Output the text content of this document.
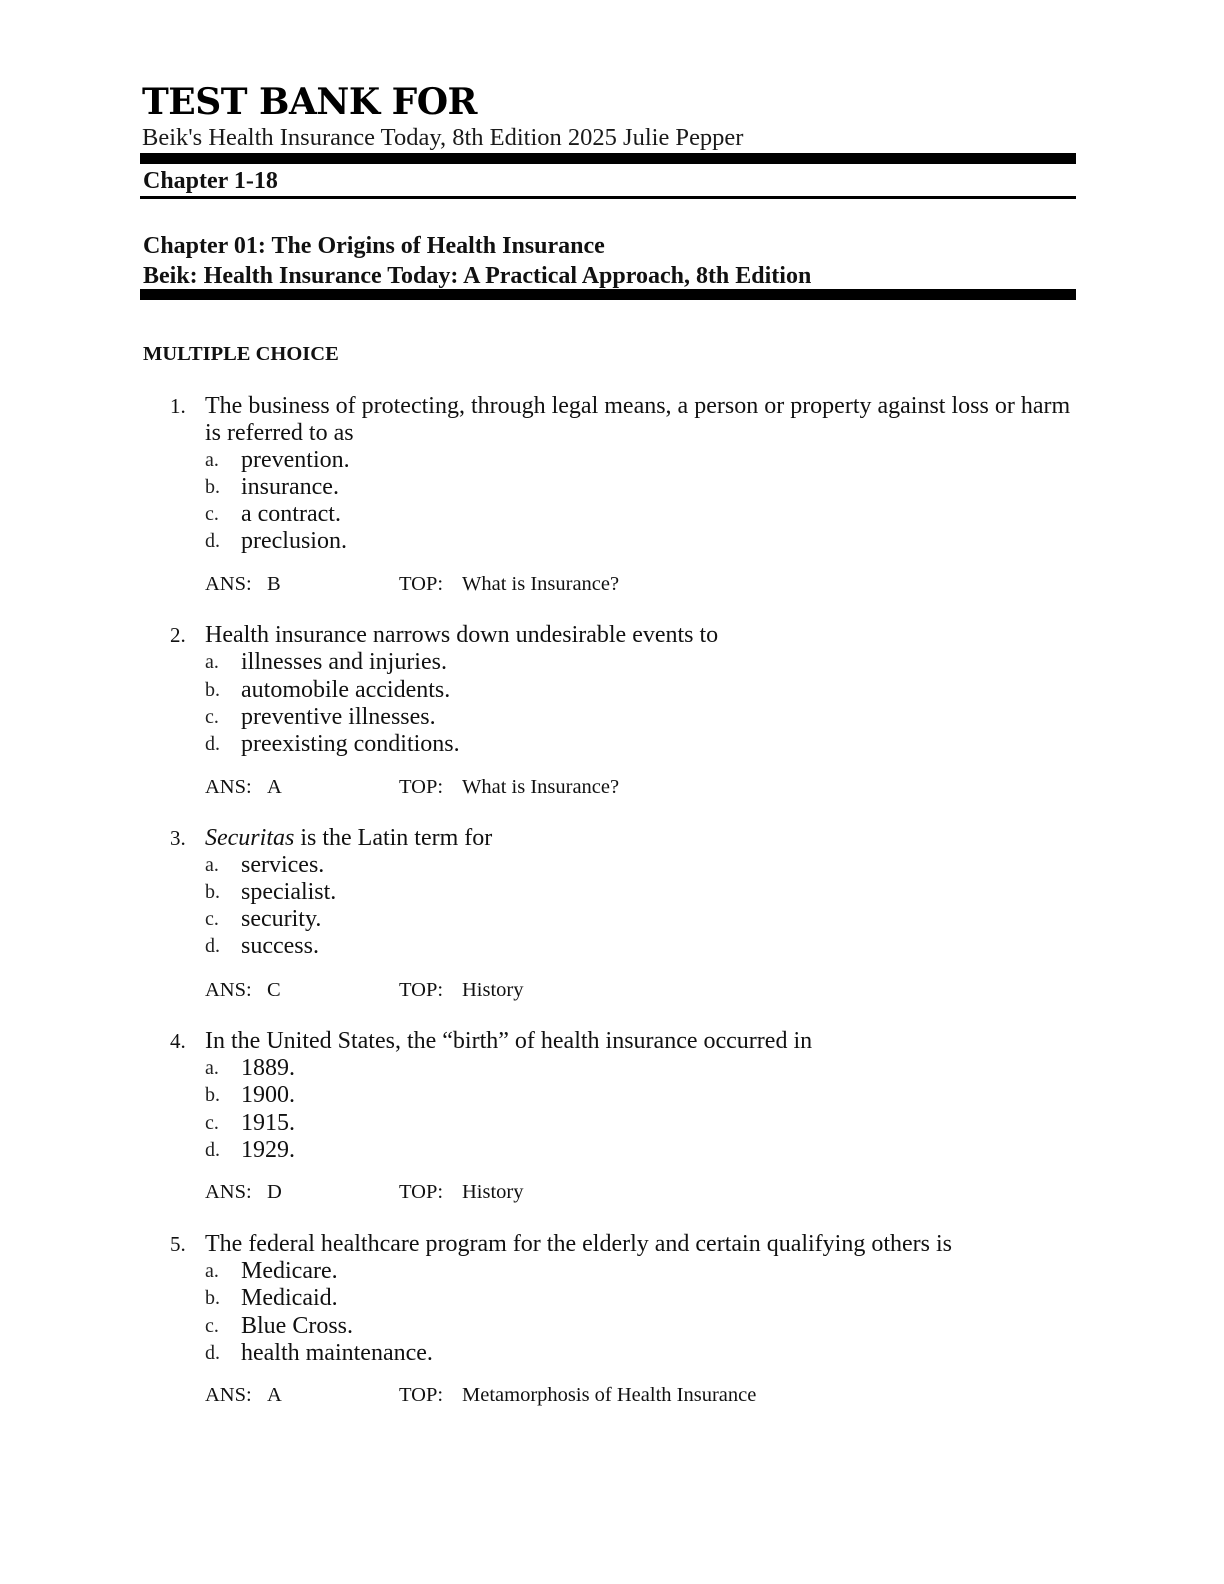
TEST BANK FOR
Beik's Health Insurance Today, 8th Edition 2025 Julie Pepper
Chapter 1-18
Chapter 01: The Origins of Health Insurance
Beik: Health Insurance Today: A Practical Approach, 8th Edition
MULTIPLE CHOICE
1. The business of protecting, through legal means, a person or property against loss or harm
is referred to as
a. prevention.
b. insurance.
c. a contract.
d. preclusion.
ANS: B	TOP: What is Insurance?
2. Health insurance narrows down undesirable events to
a. illnesses and injuries.
b. automobile accidents.
c. preventive illnesses.
d. preexisting conditions.
ANS: A	TOP: What is Insurance?
3. Securitas is the Latin term for
a. services.
b. specialist.
c. security.
d. success.
ANS: C	TOP: History
4. In the United States, the “birth” of health insurance occurred in
a. 1889.
b. 1900.
c. 1915.
d. 1929.
ANS: D	TOP: History
5. The federal healthcare program for the elderly and certain qualifying others is
a. Medicare.
b. Medicaid.
c. Blue Cross.
d. health maintenance.
ANS: A	TOP: Metamorphosis of Health Insurance
